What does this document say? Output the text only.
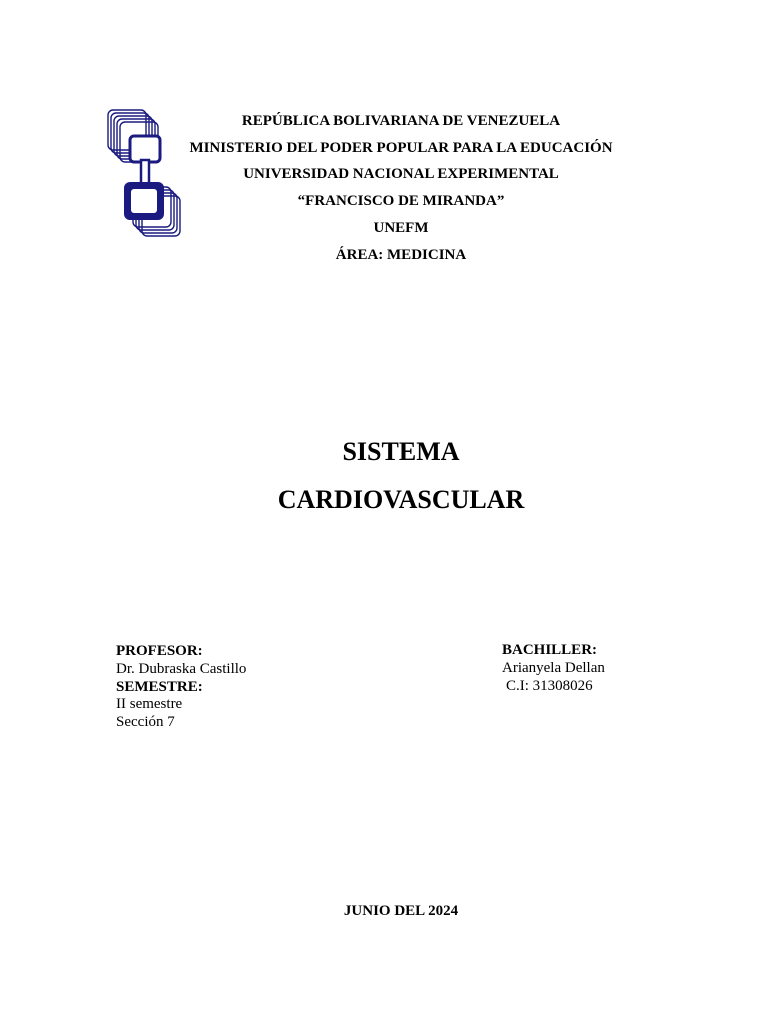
REPÚBLICA BOLIVARIANA DE VENEZUELA
MINISTERIO DEL PODER POPULAR PARA LA EDUCACIÓN
UNIVERSIDAD NACIONAL EXPERIMENTAL
“FRANCISCO DE MIRANDA”
UNEFM
ÁREA: MEDICINA
SISTEMA
CARDIOVASCULAR
PROFESOR:
Dr. Dubraska Castillo
SEMESTRE:
II semestre
Sección 7
BACHILLER:
Arianyela Dellan
C.I: 31308026
JUNIO DEL 2024
